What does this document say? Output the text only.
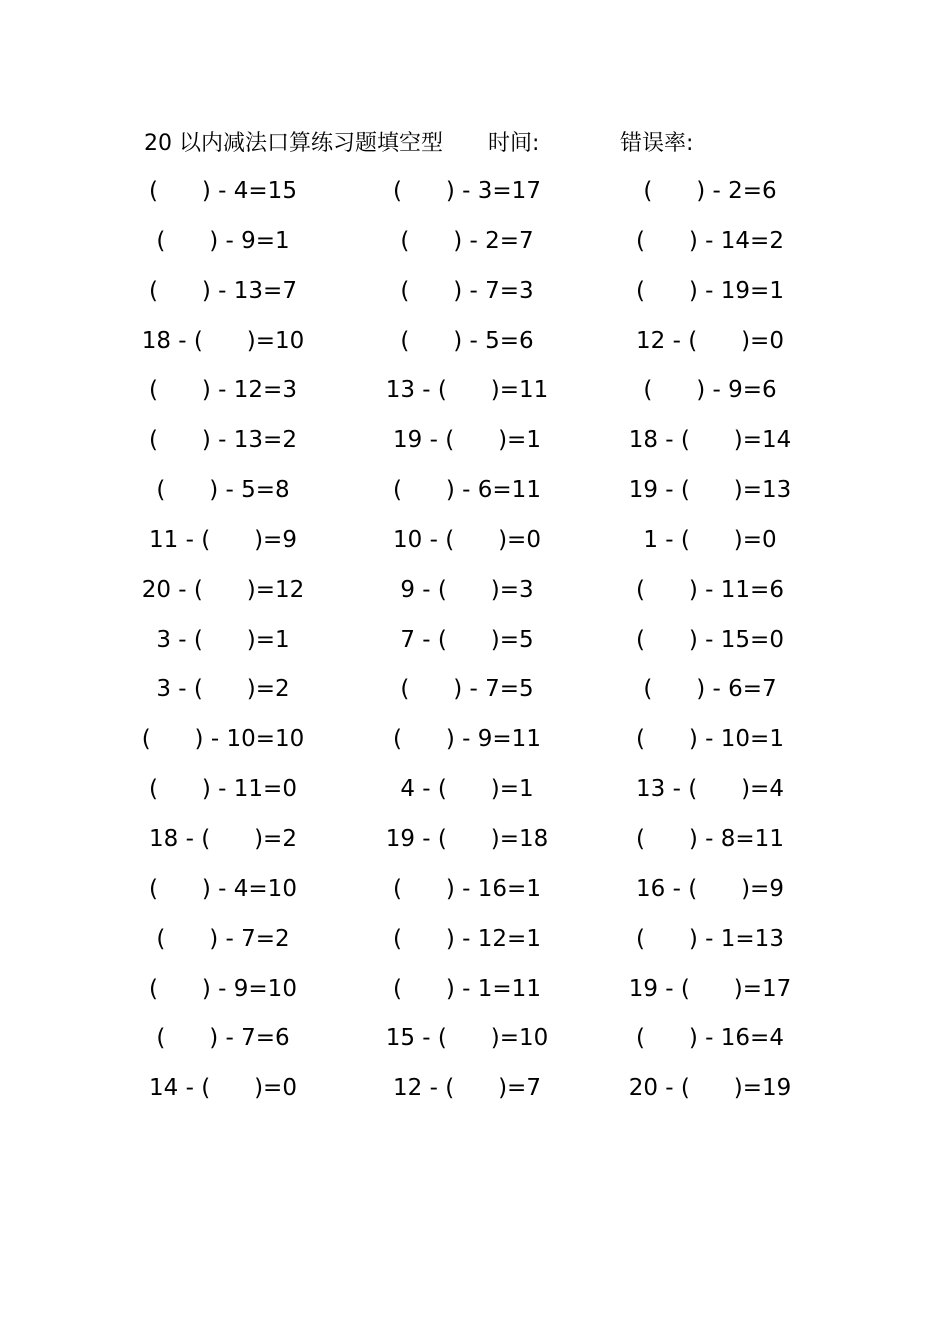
20 以内减法口算练习题填空型 时间:	错误率:
(      ) - 4=15	(      ) - 3=17	(      ) - 2=6
(      ) - 9=1	(      ) - 2=7	(      ) - 14=2
(      ) - 13=7	(      ) - 7=3	(      ) - 19=1
18 - (      )=10	(      ) - 5=6	12 - (      )=0
(      ) - 12=3	13 - (      )=11	(      ) - 9=6
(      ) - 13=2	19 - (      )=1	18 - (      )=14
(      ) - 5=8	(      ) - 6=11	19 - (      )=13
11 - (      )=9	10 - (      )=0	1 - (      )=0
20 - (      )=12	9 - (      )=3	(      ) - 11=6
3 - (      )=1	7 - (      )=5	(      ) - 15=0
3 - (      )=2	(      ) - 7=5	(      ) - 6=7
(      ) - 10=10	(      ) - 9=11	(      ) - 10=1
(      ) - 11=0	4 - (      )=1	13 - (      )=4
18 - (      )=2	19 - (      )=18	(      ) - 8=11
(      ) - 4=10	(      ) - 16=1	16 - (      )=9
(      ) - 7=2	(      ) - 12=1	(      ) - 1=13
(      ) - 9=10	(      ) - 1=11	19 - (      )=17
(      ) - 7=6	15 - (      )=10	(      ) - 16=4
14 - (      )=0	12 - (      )=7	20 - (      )=19
